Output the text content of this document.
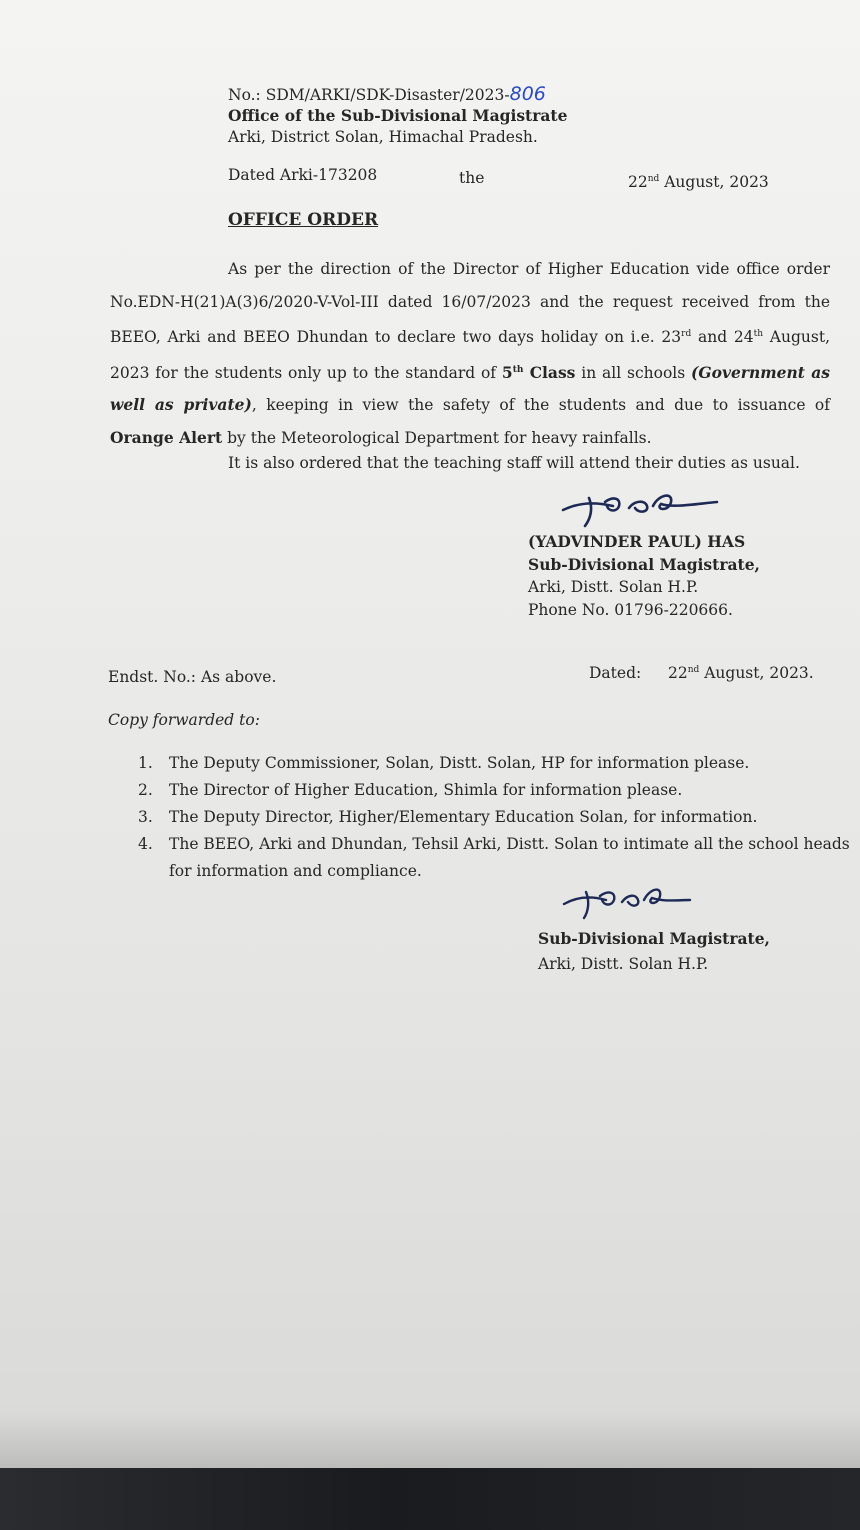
No.: SDM/ARKI/SDK-Disaster/2023-806
Office of the Sub-Divisional Magistrate
Arki, District Solan, Himachal Pradesh.
Dated Arki-173208	the	22nd August, 2023
OFFICE ORDER
As per the direction of the Director of Higher Education vide office order No.EDN-H(21)A(3)6/2020-V-Vol-III dated 16/07/2023 and the request received from the BEEO, Arki and BEEO Dhundan to declare two days holiday on i.e. 23rd and 24th August, 2023 for the students only up to the standard of 5th Class in all schools (Government as well as private), keeping in view the safety of the students and due to issuance of Orange Alert by the Meteorological Department for heavy rainfalls.
It is also ordered that the teaching staff will attend their duties as usual.
(YADVINDER PAUL) HAS
Sub-Divisional Magistrate,
Arki, Distt. Solan H.P.
Phone No. 01796-220666.
Endst. No.: As above.	Dated: 22nd August, 2023.
Copy forwarded to:
1. The Deputy Commissioner, Solan, Distt. Solan, HP for information please.
2. The Director of Higher Education, Shimla for information please.
3. The Deputy Director, Higher/Elementary Education Solan, for information.
4. The BEEO, Arki and Dhundan, Tehsil Arki, Distt. Solan to intimate all the school heads for information and compliance.
Sub-Divisional Magistrate,
Arki, Distt. Solan H.P.
